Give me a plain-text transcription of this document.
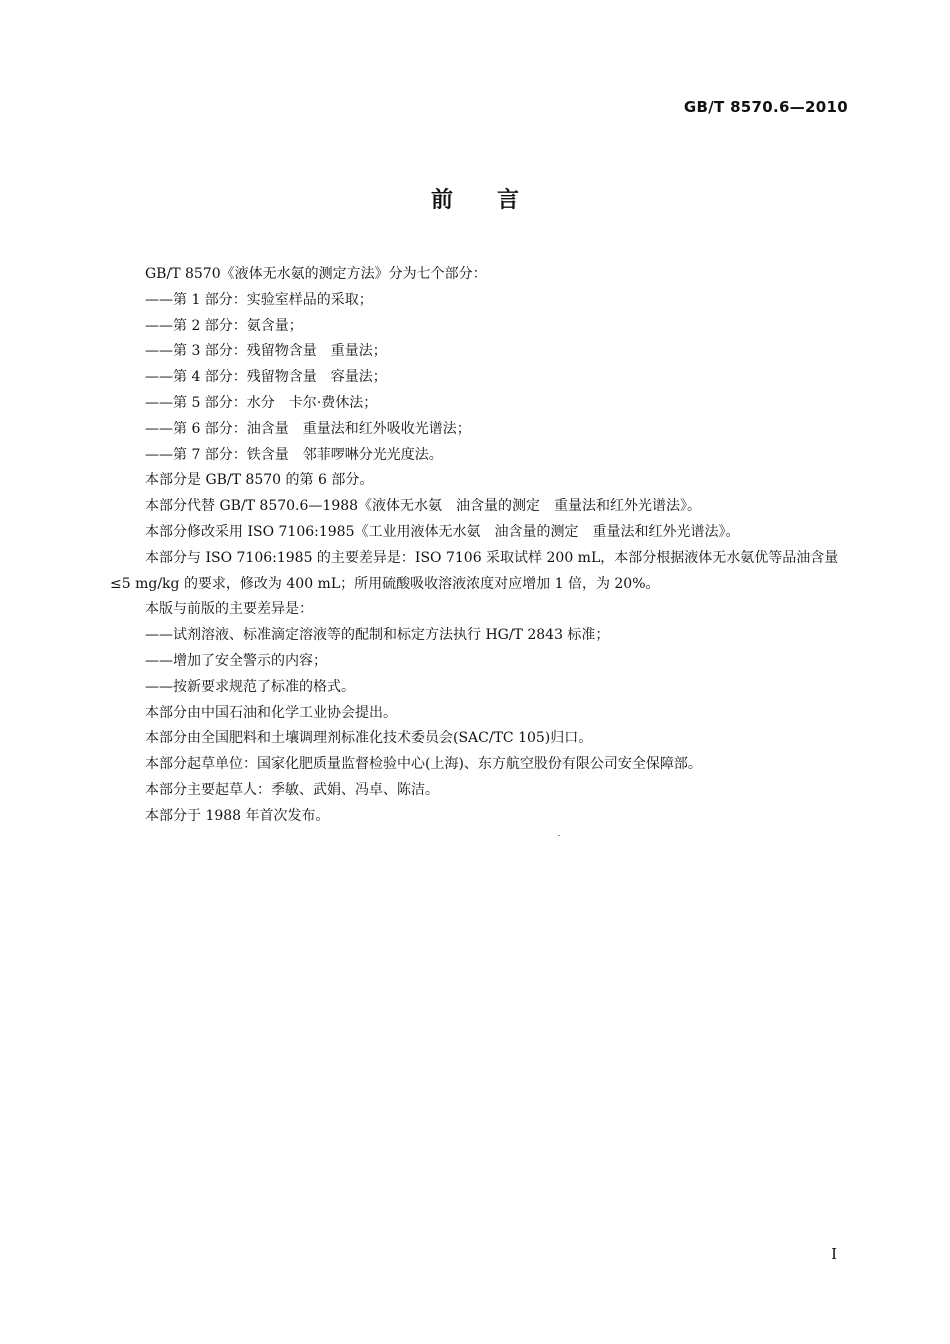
GB/T 8570.6—2010
前言
GB/T 8570《液体无水氨的测定方法》分为七个部分：
——第 1 部分：实验室样品的采取；
——第 2 部分：氨含量；
——第 3 部分：残留物含量　重量法；
——第 4 部分：残留物含量　容量法；
——第 5 部分：水分　卡尔·费休法；
——第 6 部分：油含量　重量法和红外吸收光谱法；
——第 7 部分：铁含量　邻菲啰啉分光光度法。
本部分是 GB/T 8570 的第 6 部分。
本部分代替 GB/T 8570.6—1988《液体无水氨　油含量的测定　重量法和红外光谱法》。
本部分修改采用 ISO 7106:1985《工业用液体无水氨　油含量的测定　重量法和红外光谱法》。
本部分与 ISO 7106:1985 的主要差异是：ISO 7106 采取试样 200 mL，本部分根据液体无水氨优等品油含量≤5 mg/kg 的要求，修改为 400 mL；所用硫酸吸收溶液浓度对应增加 1 倍，为 20%。
本版与前版的主要差异是：
——试剂溶液、标准滴定溶液等的配制和标定方法执行 HG/T 2843 标准；
——增加了安全警示的内容；
——按新要求规范了标准的格式。
本部分由中国石油和化学工业协会提出。
本部分由全国肥料和土壤调理剂标准化技术委员会(SAC/TC 105)归口。
本部分起草单位：国家化肥质量监督检验中心(上海)、东方航空股份有限公司安全保障部。
本部分主要起草人：季敏、武娟、冯卓、陈洁。
本部分于 1988 年首次发布。
I
